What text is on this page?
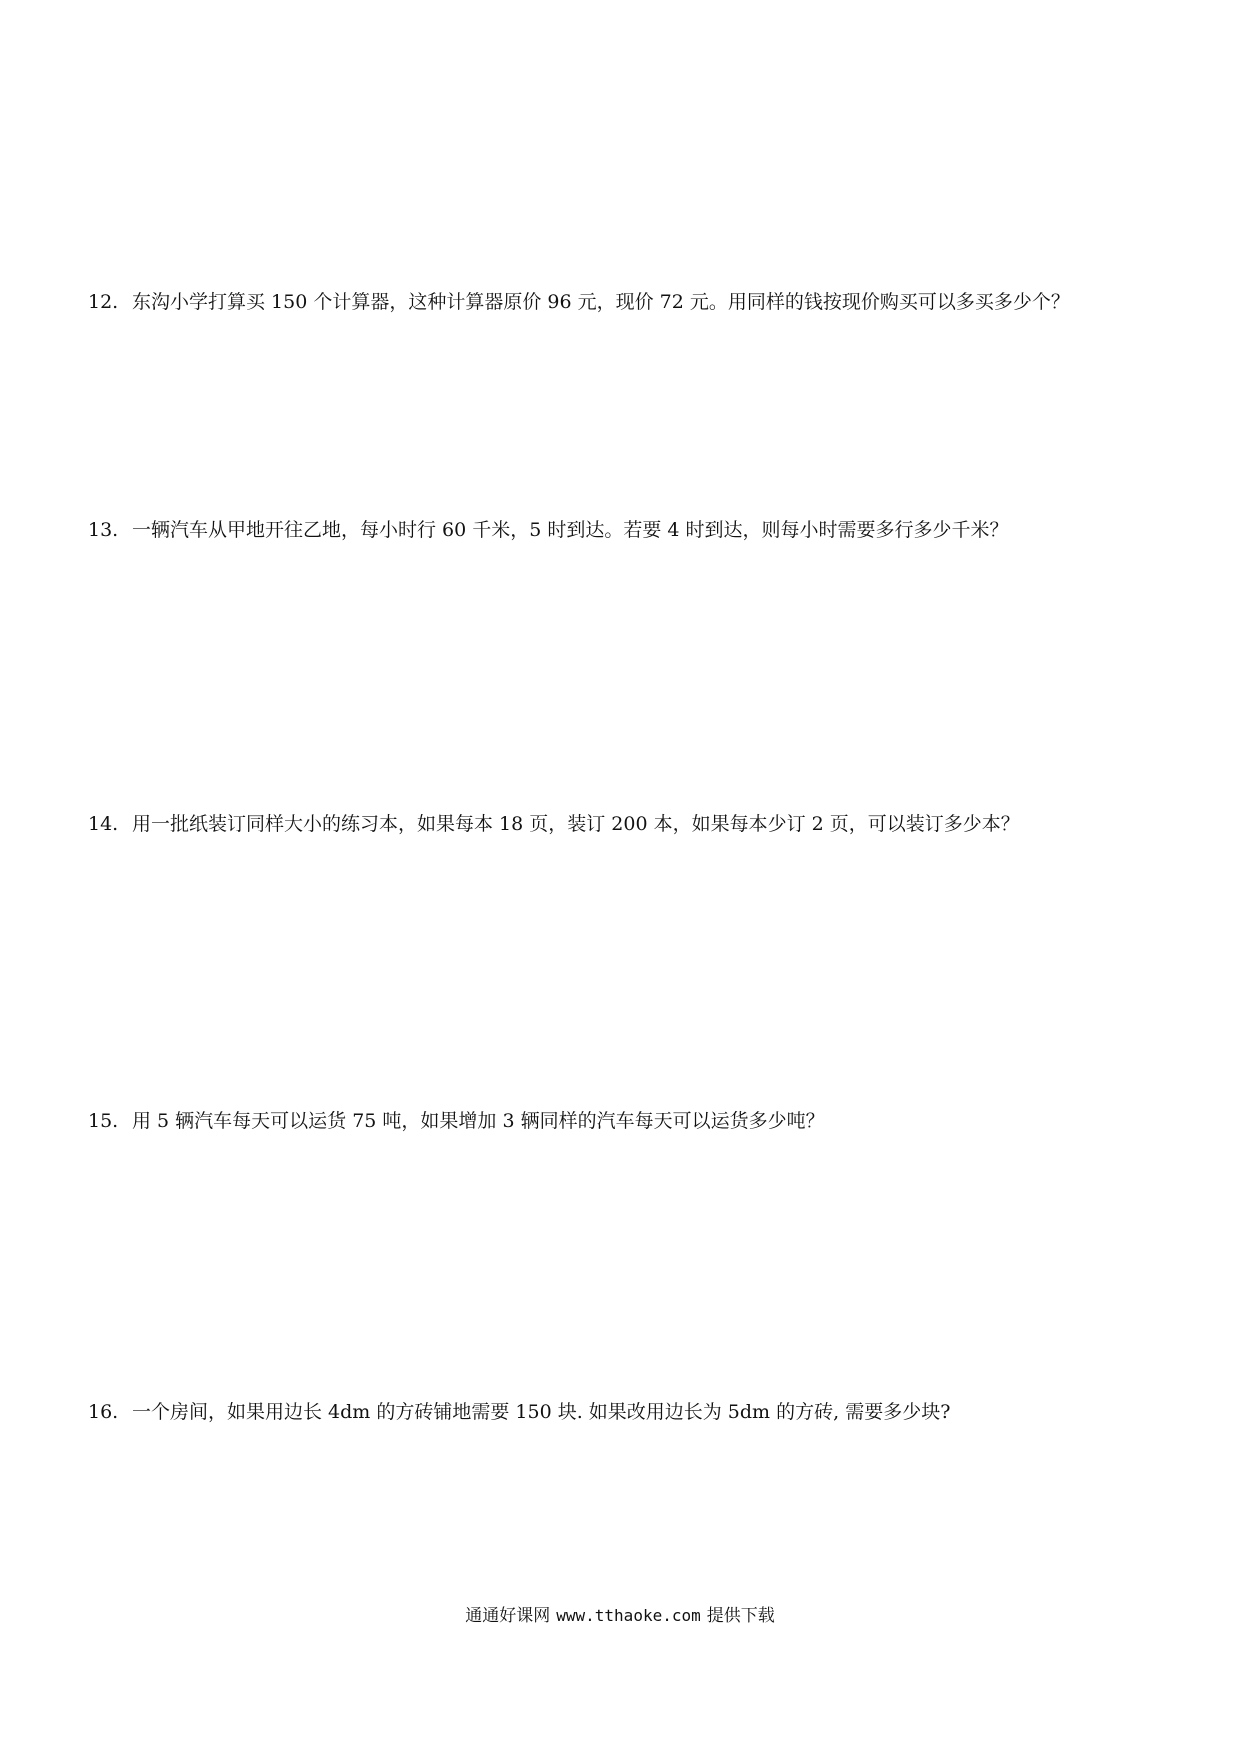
12. 东沟小学打算买 150 个计算器，这种计算器原价 96 元，现价 72 元。用同样的钱按现价购买可以多买多少个？
13. 一辆汽车从甲地开往乙地，每小时行 60 千米，5 时到达。若要 4 时到达，则每小时需要多行多少千米？
14. 用一批纸装订同样大小的练习本，如果每本 18 页，装订 200 本，如果每本少订 2 页，可以装订多少本？
15. 用 5 辆汽车每天可以运货 75 吨，如果增加 3 辆同样的汽车每天可以运货多少吨？
16. 一个房间，如果用边长 4dm 的方砖铺地需要 150 块. 如果改用边长为 5dm 的方砖, 需要多少块?
通通好课网 www.tthaoke.com 提供下载
